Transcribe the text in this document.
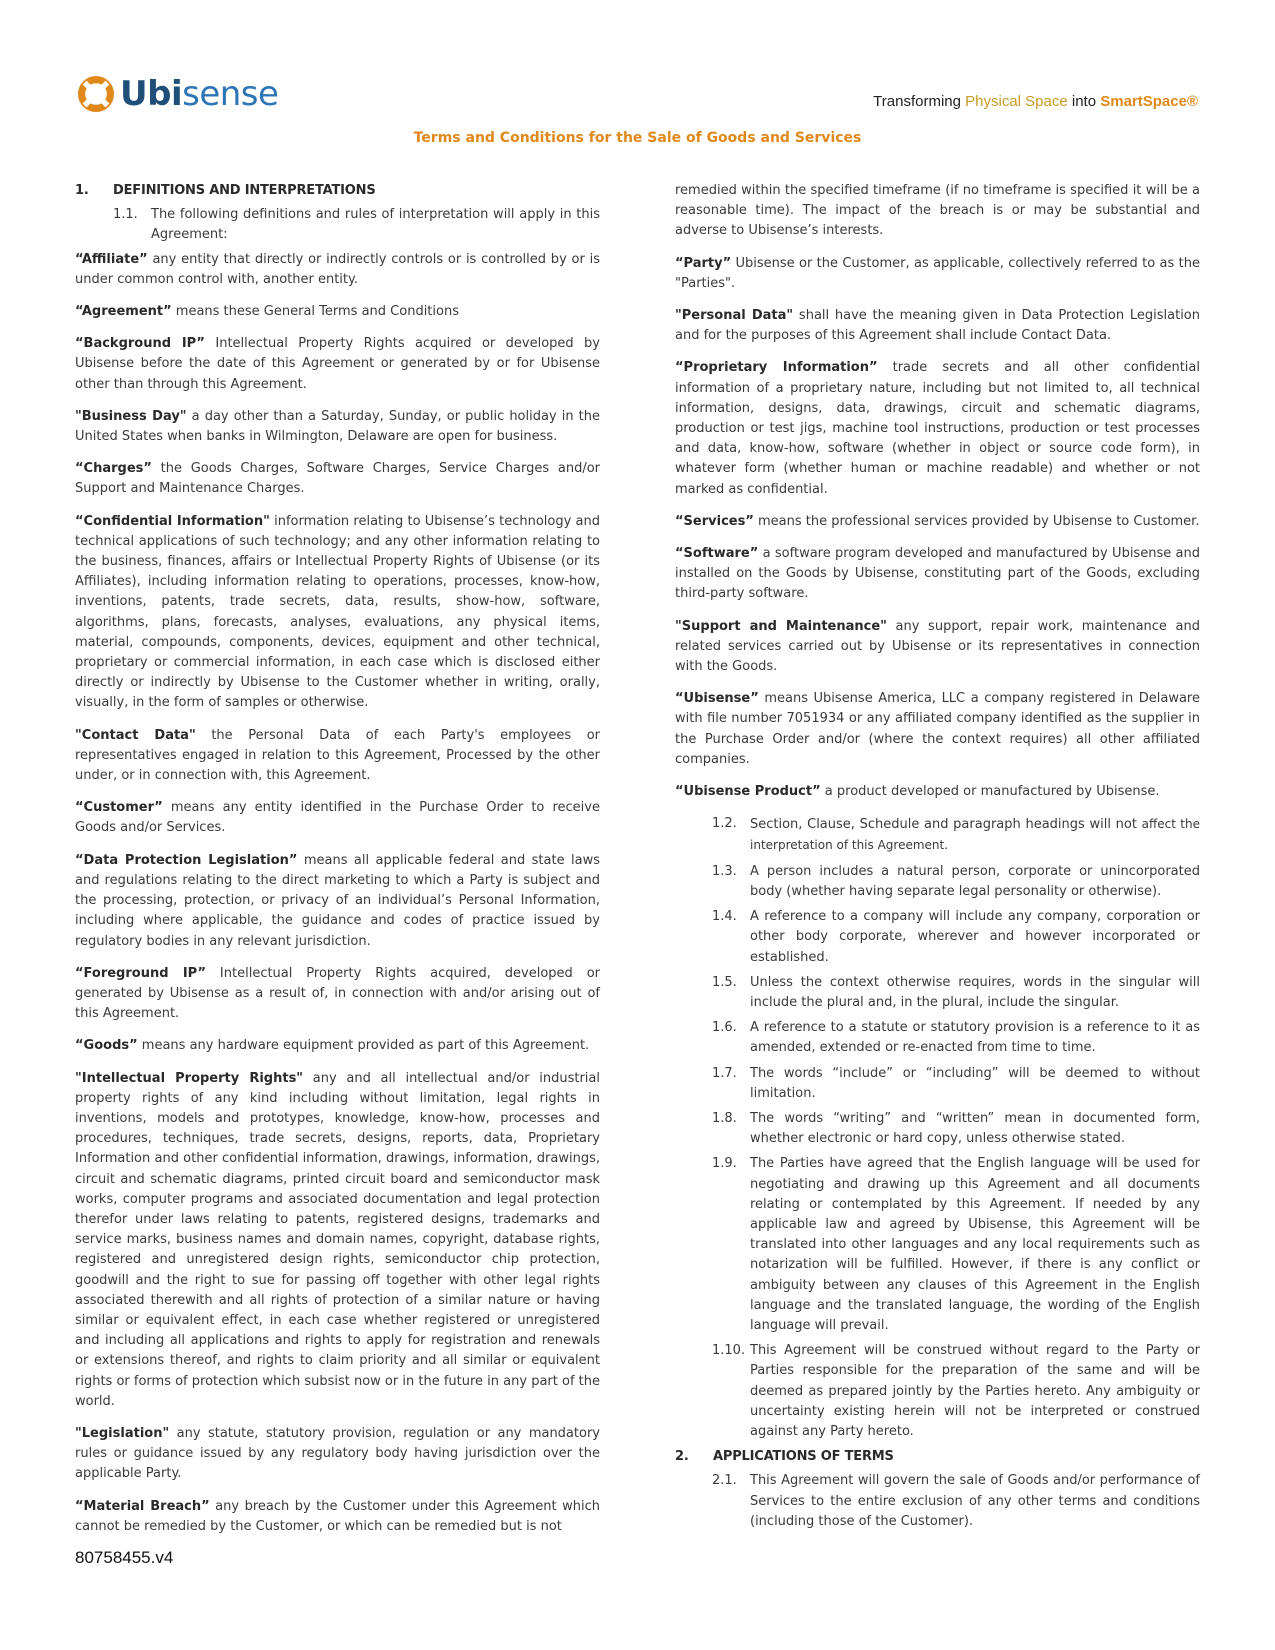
Ubisense	Transforming Physical Space into SmartSpace®
Terms and Conditions for the Sale of Goods and Services
1.	DEFINITIONS AND INTERPRETATIONS
1.1.	The following definitions and rules of interpretation will apply in this Agreement:

“Affiliate” any entity that directly or indirectly controls or is controlled by or is under common control with, another entity.

“Agreement” means these General Terms and Conditions

“Background IP” Intellectual Property Rights acquired or developed by Ubisense before the date of this Agreement or generated by or for Ubisense other than through this Agreement.

"Business Day" a day other than a Saturday, Sunday, or public holiday in the United States when banks in Wilmington, Delaware are open for business.

“Charges” the Goods Charges, Software Charges, Service Charges and/or Support and Maintenance Charges.

“Confidential Information" information relating to Ubisense’s technology and technical applications of such technology; and any other information relating to the business, finances, affairs or Intellectual Property Rights of Ubisense (or its Affiliates), including information relating to operations, processes, know-how, inventions, patents, trade secrets, data, results, show-how, software, algorithms, plans, forecasts, analyses, evaluations, any physical items, material, compounds, components, devices, equipment and other technical, proprietary or commercial information, in each case which is disclosed either directly or indirectly by Ubisense to the Customer whether in writing, orally, visually, in the form of samples or otherwise.

"Contact Data" the Personal Data of each Party's employees or representatives engaged in relation to this Agreement, Processed by the other under, or in connection with, this Agreement.

“Customer” means any entity identified in the Purchase Order to receive Goods and/or Services.

“Data Protection Legislation” means all applicable federal and state laws and regulations relating to the direct marketing to which a Party is subject and the processing, protection, or privacy of an individual’s Personal Information, including where applicable, the guidance and codes of practice issued by regulatory bodies in any relevant jurisdiction.

“Foreground IP” Intellectual Property Rights acquired, developed or generated by Ubisense as a result of, in connection with and/or arising out of this Agreement.

“Goods” means any hardware equipment provided as part of this Agreement.

"Intellectual Property Rights" any and all intellectual and/or industrial property rights of any kind including without limitation, legal rights in inventions, models and prototypes, knowledge, know-how, processes and procedures, techniques, trade secrets, designs, reports, data, Proprietary Information and other confidential information, drawings, information, drawings, circuit and schematic diagrams, printed circuit board and semiconductor mask works, computer programs and associated documentation and legal protection therefor under laws relating to patents, registered designs, trademarks and service marks, business names and domain names, copyright, database rights, registered and unregistered design rights, semiconductor chip protection, goodwill and the right to sue for passing off together with other legal rights associated therewith and all rights of protection of a similar nature or having similar or equivalent effect, in each case whether registered or unregistered and including all applications and rights to apply for registration and renewals or extensions thereof, and rights to claim priority and all similar or equivalent rights or forms of protection which subsist now or in the future in any part of the world.

"Legislation" any statute, statutory provision, regulation or any mandatory rules or guidance issued by any regulatory body having jurisdiction over the applicable Party.

“Material Breach” any breach by the Customer under this Agreement which cannot be remedied by the Customer, or which can be remedied but is not

remedied within the specified timeframe (if no timeframe is specified it will be a reasonable time). The impact of the breach is or may be substantial and adverse to Ubisense’s interests.

“Party” Ubisense or the Customer, as applicable, collectively referred to as the "Parties".

"Personal Data" shall have the meaning given in Data Protection Legislation and for the purposes of this Agreement shall include Contact Data.

“Proprietary Information” trade secrets and all other confidential information of a proprietary nature, including but not limited to, all technical information, designs, data, drawings, circuit and schematic diagrams, production or test jigs, machine tool instructions, production or test processes and data, know-how, software (whether in object or source code form), in whatever form (whether human or machine readable) and whether or not marked as confidential.

“Services” means the professional services provided by Ubisense to Customer.

“Software” a software program developed and manufactured by Ubisense and installed on the Goods by Ubisense, constituting part of the Goods, excluding third-party software.

"Support and Maintenance" any support, repair work, maintenance and related services carried out by Ubisense or its representatives in connection with the Goods.

“Ubisense” means Ubisense America, LLC a company registered in Delaware with file number 7051934 or any affiliated company identified as the supplier in the Purchase Order and/or (where the context requires) all other affiliated companies.

“Ubisense Product” a product developed or manufactured by Ubisense.

1.2.	Section, Clause, Schedule and paragraph headings will not affect the interpretation of this Agreement.
1.3.	A person includes a natural person, corporate or unincorporated body (whether having separate legal personality or otherwise).
1.4.	A reference to a company will include any company, corporation or other body corporate, wherever and however incorporated or established.
1.5.	Unless the context otherwise requires, words in the singular will include the plural and, in the plural, include the singular.
1.6.	A reference to a statute or statutory provision is a reference to it as amended, extended or re-enacted from time to time.
1.7.	The words “include” or “including” will be deemed to without limitation.
1.8.	The words “writing” and “written” mean in documented form, whether electronic or hard copy, unless otherwise stated.
1.9.	The Parties have agreed that the English language will be used for negotiating and drawing up this Agreement and all documents relating or contemplated by this Agreement. If needed by any applicable law and agreed by Ubisense, this Agreement will be translated into other languages and any local requirements such as notarization will be fulfilled. However, if there is any conflict or ambiguity between any clauses of this Agreement in the English language and the translated language, the wording of the English language will prevail.
1.10. This Agreement will be construed without regard to the Party or Parties responsible for the preparation of the same and will be deemed as prepared jointly by the Parties hereto. Any ambiguity or uncertainty existing herein will not be interpreted or construed against any Party hereto.
2.	APPLICATIONS OF TERMS
2.1.	This Agreement will govern the sale of Goods and/or performance of Services to the entire exclusion of any other terms and conditions (including those of the Customer).
80758455.v4
